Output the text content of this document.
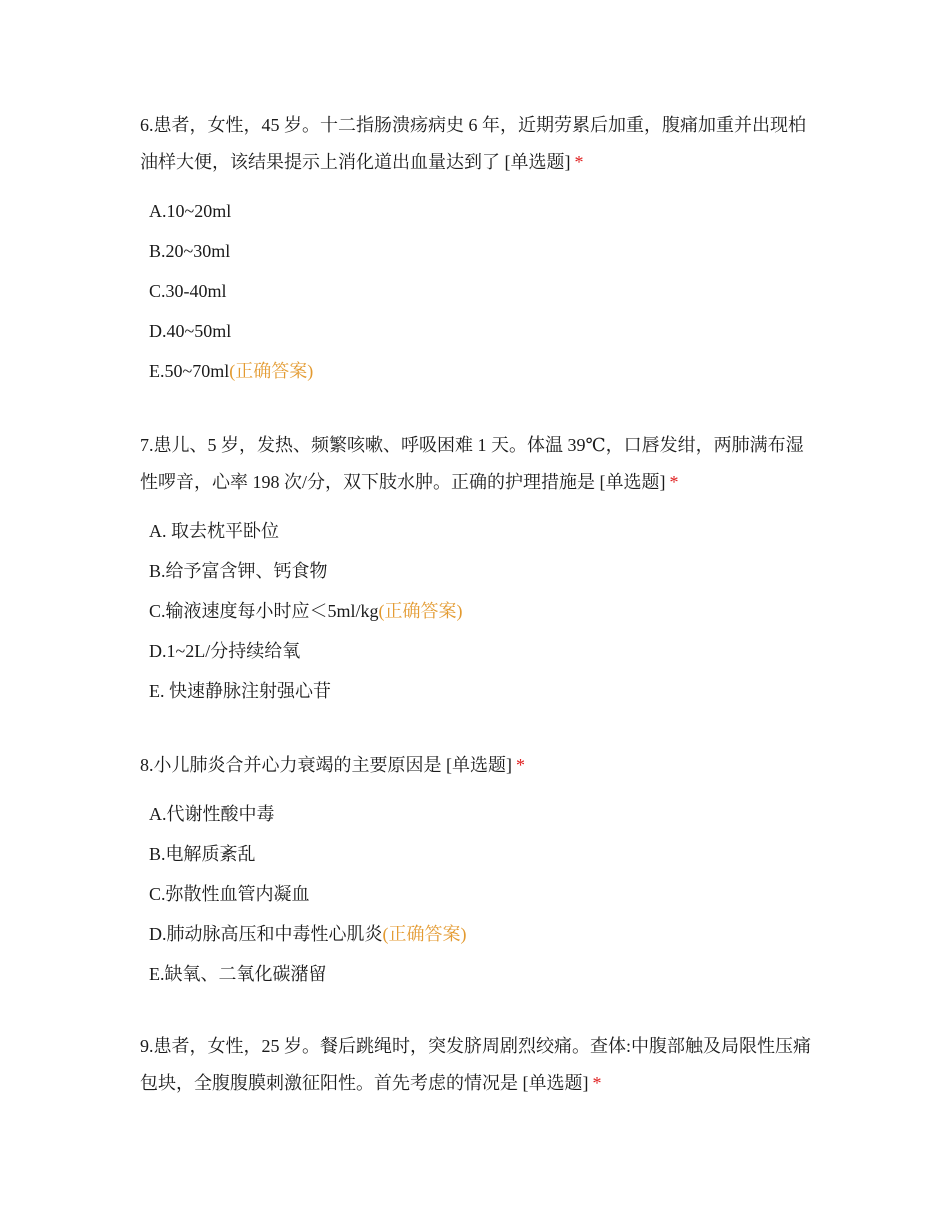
6.患者，女性，45 岁。十二指肠溃疡病史 6 年，近期劳累后加重，腹痛加重并出现柏油样大便，该结果提示上消化道出血量达到了 [单选题] *

A.10~20ml
B.20~30ml
C.30-40ml
D.40~50ml
E.50~70ml(正确答案)

7.患儿、5 岁，发热、频繁咳嗽、呼吸困难 1 天。体温 39℃，口唇发绀，两肺满布湿性啰音，心率 198 次/分，双下肢水肿。正确的护理措施是 [单选题] *

A. 取去枕平卧位
B.给予富含钾、钙食物
C.输液速度每小时应＜5ml/kg(正确答案)
D.1~2L/分持续给氧
E. 快速静脉注射强心苷

8.小儿肺炎合并心力衰竭的主要原因是 [单选题] *

A.代谢性酸中毒
B.电解质紊乱
C.弥散性血管内凝血
D.肺动脉高压和中毒性心肌炎(正确答案)
E.缺氧、二氧化碳潴留

9.患者，女性，25 岁。餐后跳绳时，突发脐周剧烈绞痛。查体:中腹部触及局限性压痛包块，全腹腹膜刺激征阳性。首先考虑的情况是 [单选题] *
